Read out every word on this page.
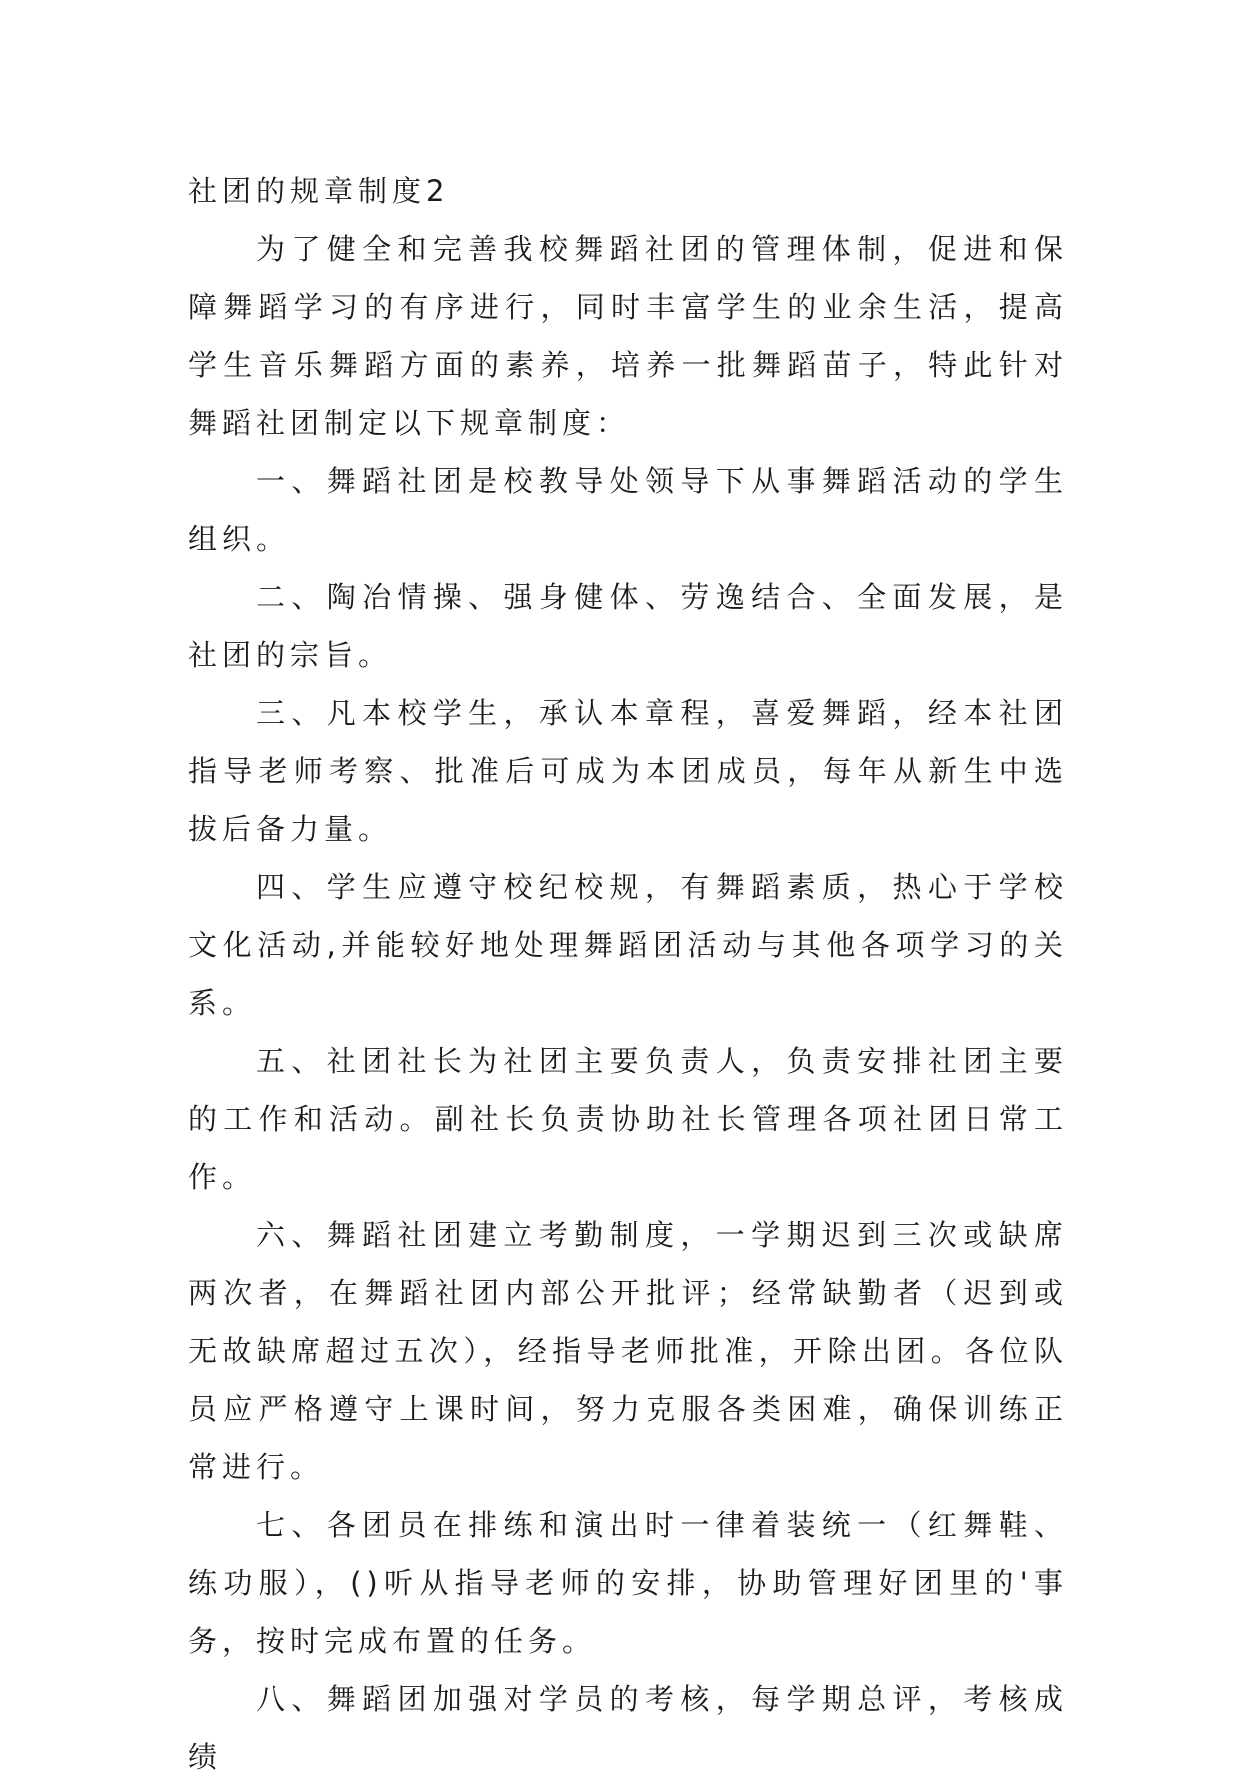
社团的规章制度2

为了健全和完善我校舞蹈社团的管理体制，促进和保障舞蹈学习的有序进行，同时丰富学生的业余生活，提高学生音乐舞蹈方面的素养，培养一批舞蹈苗子，特此针对舞蹈社团制定以下规章制度：

一、舞蹈社团是校教导处领导下从事舞蹈活动的学生组织。

二、陶冶情操、强身健体、劳逸结合、全面发展，是社团的宗旨。

三、凡本校学生，承认本章程，喜爱舞蹈，经本社团指导老师考察、批准后可成为本团成员，每年从新生中选拔后备力量。

四、学生应遵守校纪校规，有舞蹈素质，热心于学校文化活动,并能较好地处理舞蹈团活动与其他各项学习的关系。

五、社团社长为社团主要负责人，负责安排社团主要的工作和活动。副社长负责协助社长管理各项社团日常工作。

六、舞蹈社团建立考勤制度，一学期迟到三次或缺席两次者，在舞蹈社团内部公开批评；经常缺勤者（迟到或无故缺席超过五次），经指导老师批准，开除出团。各位队员应严格遵守上课时间，努力克服各类困难，确保训练正常进行。

七、各团员在排练和演出时一律着装统一（红舞鞋、练功服），()听从指导老师的安排，协助管理好团里的'事务，按时完成布置的任务。

八、舞蹈团加强对学员的考核，每学期总评，考核成绩
